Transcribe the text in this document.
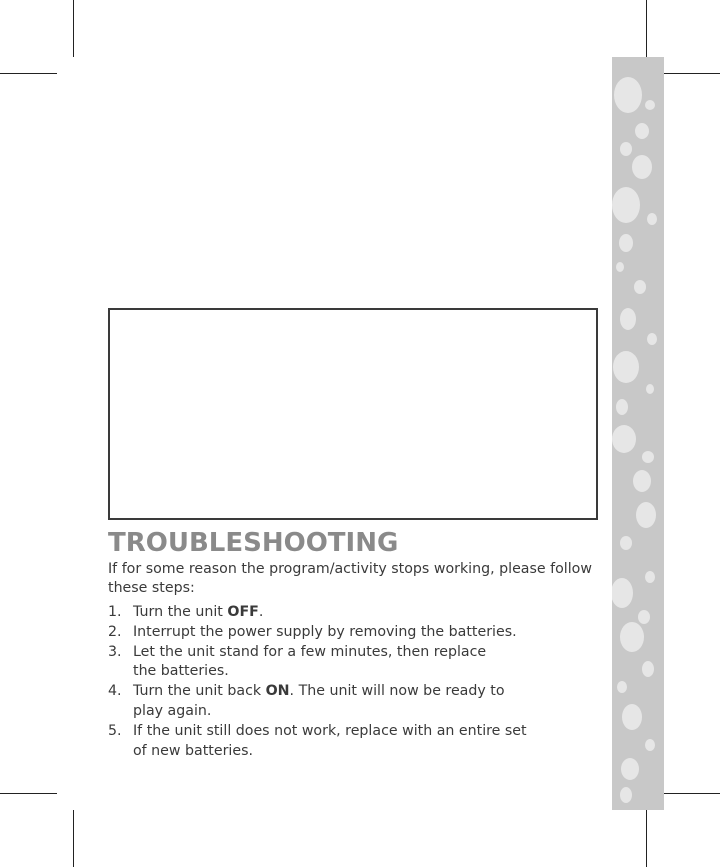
TROUBLESHOOTING

If for some reason the program/activity stops working, please follow these steps:

1. Turn the unit OFF.
2. Interrupt the power supply by removing the batteries.
3. Let the unit stand for a few minutes, then replace
the batteries.
4. Turn the unit back ON. The unit will now be ready to
play again.
5. If the unit still does not work, replace with an entire set
of new batteries.
